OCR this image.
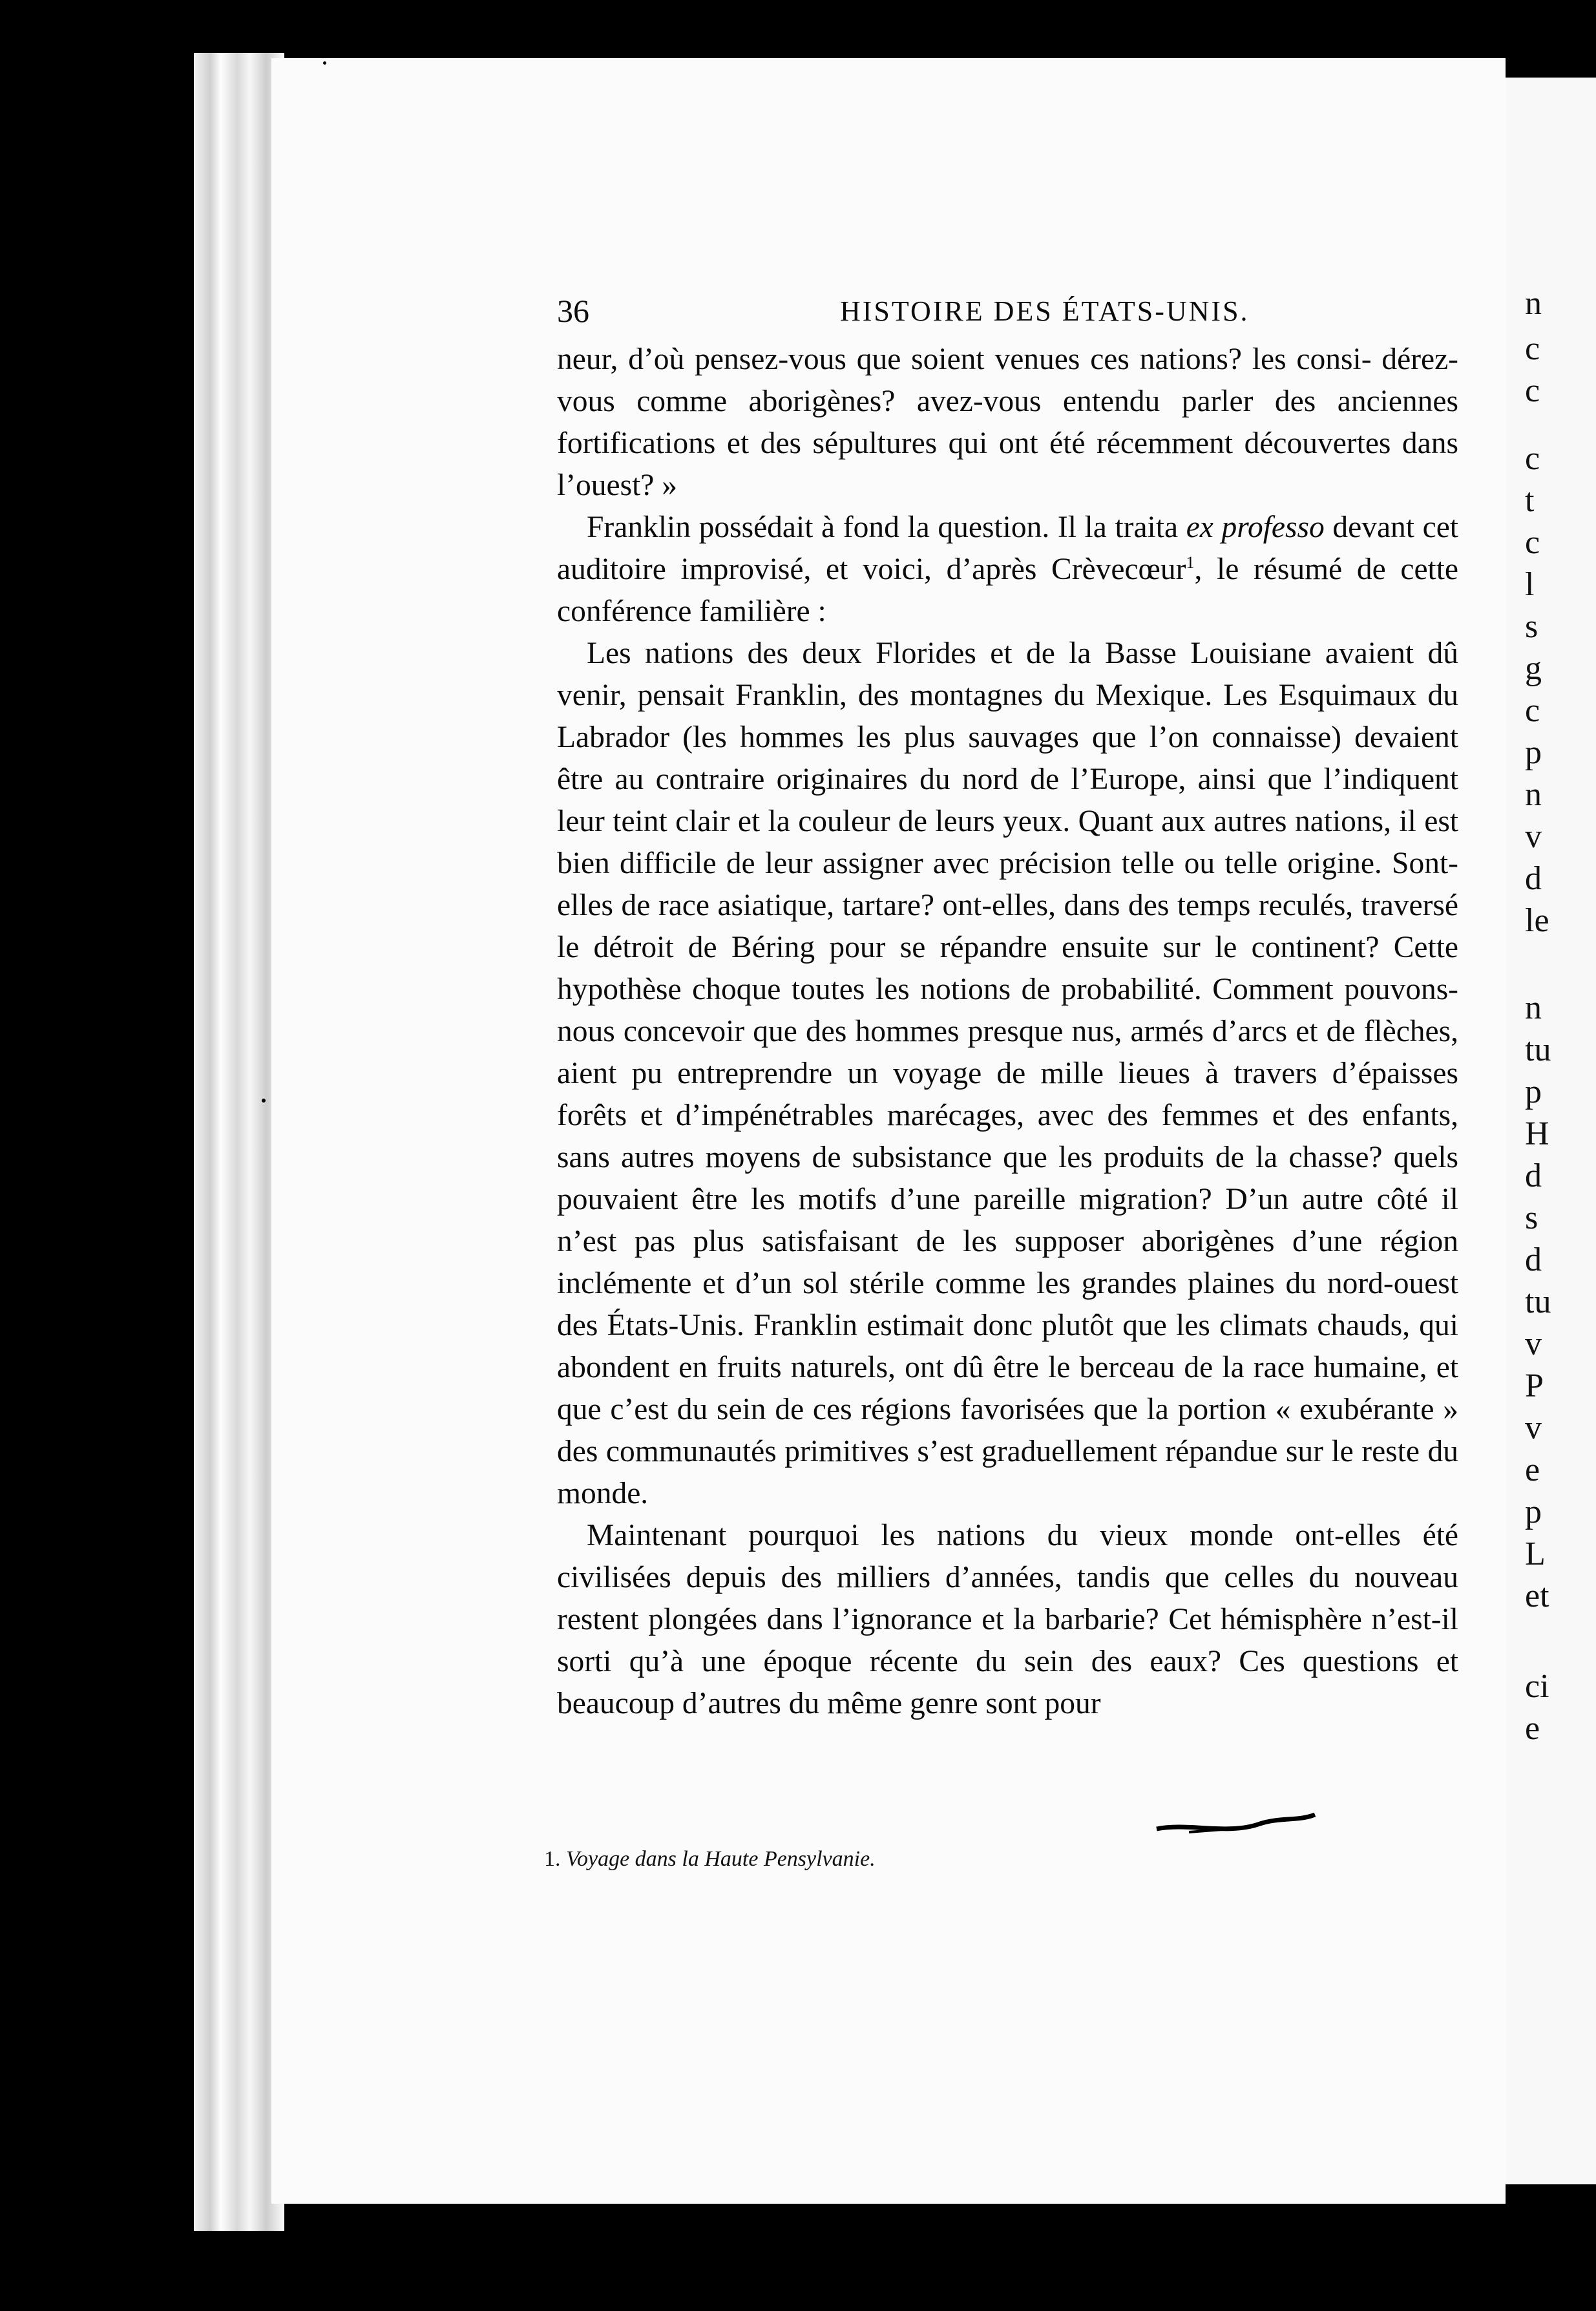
n
c
c
c
t
c
l
s
g
c
p
n
v
d
le
n
tu
p
H
d
s
d
tu
v
P
v
e
p
L
et
ci
e
36	HISTOIRE DES ÉTATS-UNIS.

neur, d’où pensez-vous que soient venues ces nations? les consi- dérez-vous comme aborigènes? avez-vous entendu parler des anciennes fortifications et des sépultures qui ont été récemment découvertes dans l’ouest? »

Franklin possédait à fond la question. Il la traita ex professo devant cet auditoire improvisé, et voici, d’après Crèvecœur$^1$, le résumé de cette conférence familière :

Les nations des deux Florides et de la Basse Louisiane avaient dû venir, pensait Franklin, des montagnes du Mexique. Les Esquimaux du Labrador (les hommes les plus sauvages que l’on connaisse) devaient être au contraire originaires du nord de l’Europe, ainsi que l’indiquent leur teint clair et la couleur de leurs yeux. Quant aux autres nations, il est bien difficile de leur assigner avec précision telle ou telle origine. Sont-elles de race asiatique, tartare? ont-elles, dans des temps reculés, traversé le détroit de Béring pour se répandre ensuite sur le continent? Cette hypothèse choque toutes les notions de probabilité. Comment pouvons-nous concevoir que des hommes presque nus, armés d’arcs et de flèches, aient pu entreprendre un voyage de mille lieues à travers d’épaisses forêts et d’impénétrables marécages, avec des femmes et des enfants, sans autres moyens de subsistance que les produits de la chasse? quels pouvaient être les motifs d’une pareille migration? D’un autre côté il n’est pas plus satisfaisant de les supposer aborigènes d’une région inclémente et d’un sol stérile comme les grandes plaines du nord-ouest des États-Unis. Franklin estimait donc plutôt que les climats chauds, qui abondent en fruits naturels, ont dû être le berceau de la race humaine, et que c’est du sein de ces régions favorisées que la portion « exubérante » des communautés primitives s’est graduellement répandue sur le reste du monde.

Maintenant pourquoi les nations du vieux monde ont-elles été civilisées depuis des milliers d’années, tandis que celles du nouveau restent plongées dans l’ignorance et la barbarie? Cet hémisphère n’est-il sorti qu’à une époque récente du sein des eaux? Ces questions et beaucoup d’autres du même genre sont pour

1. Voyage dans la Haute Pensylvanie.
